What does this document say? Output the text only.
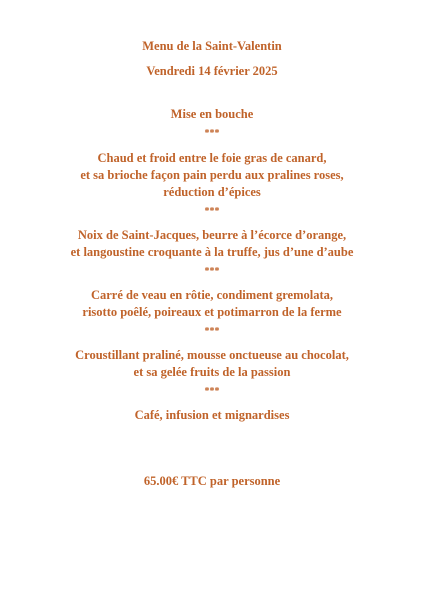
Menu de la Saint-Valentin
Vendredi 14 février 2025
Mise en bouche
***
Chaud et froid entre le foie gras de canard,
et sa brioche façon pain perdu aux pralines roses,
réduction d’épices
***
Noix de Saint-Jacques, beurre à l’écorce d’orange,
et langoustine croquante à la truffe, jus d’une d’aube
***
Carré de veau en rôtie, condiment gremolata,
risotto poêlé, poireaux et potimarron de la ferme
***
Croustillant praliné, mousse onctueuse au chocolat,
et sa gelée fruits de la passion
***
Café, infusion et mignardises
65.00€ TTC par personne
